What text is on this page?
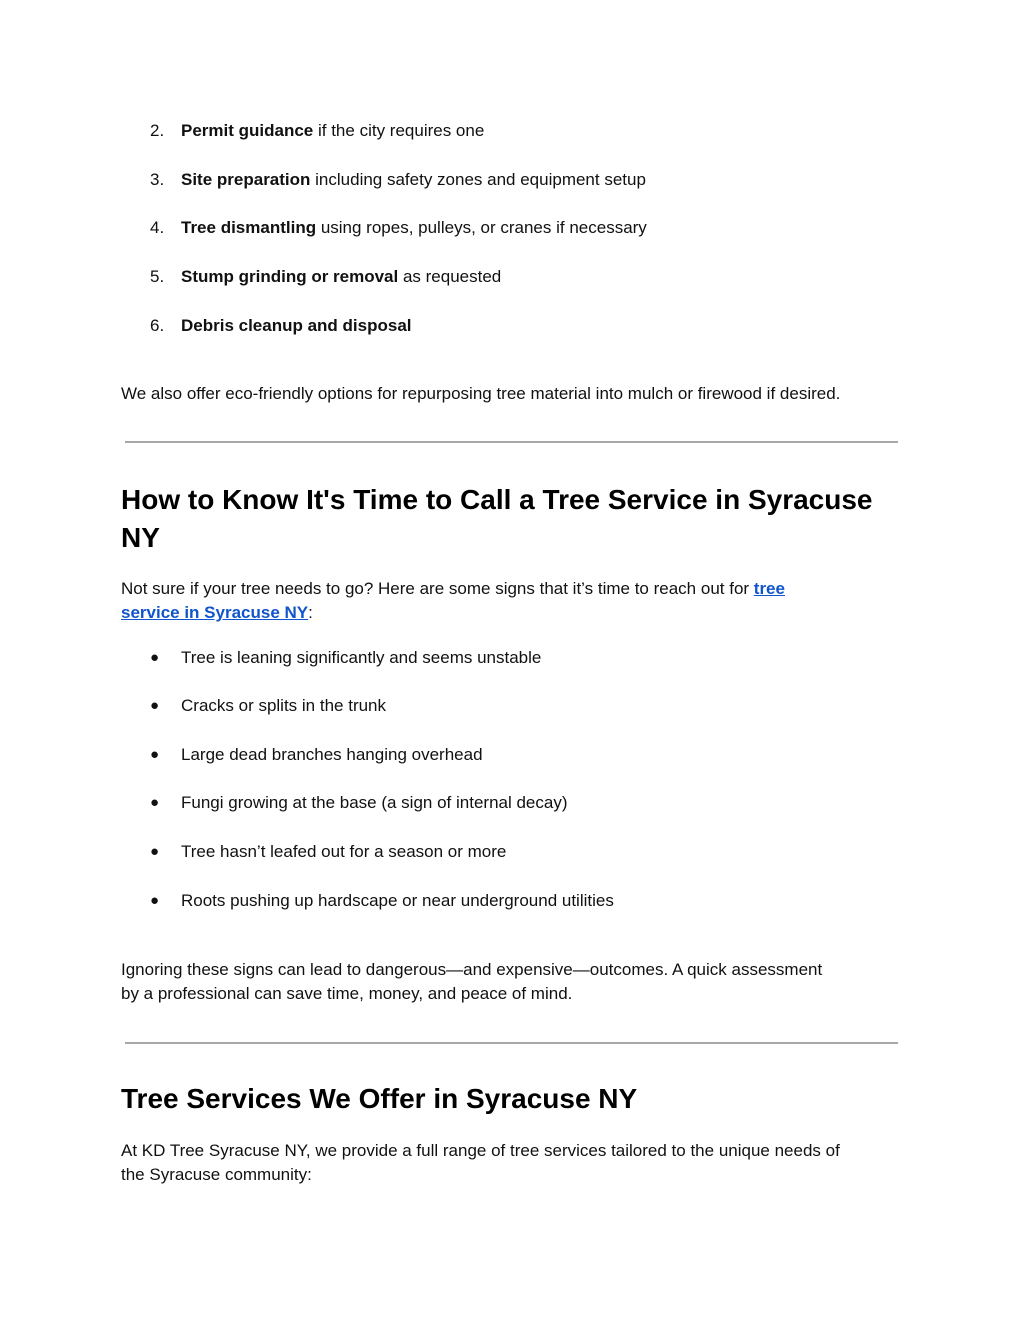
2. Permit guidance if the city requires one
3. Site preparation including safety zones and equipment setup
4. Tree dismantling using ropes, pulleys, or cranes if necessary
5. Stump grinding or removal as requested
6. Debris cleanup and disposal
We also offer eco-friendly options for repurposing tree material into mulch or firewood if desired.
How to Know It's Time to Call a Tree Service in Syracuse
NY
Not sure if your tree needs to go? Here are some signs that it’s time to reach out for tree
service in Syracuse NY:
● Tree is leaning significantly and seems unstable
● Cracks or splits in the trunk
● Large dead branches hanging overhead
● Fungi growing at the base (a sign of internal decay)
● Tree hasn’t leafed out for a season or more
● Roots pushing up hardscape or near underground utilities
Ignoring these signs can lead to dangerous—and expensive—outcomes. A quick assessment
by a professional can save time, money, and peace of mind.
Tree Services We Offer in Syracuse NY
At KD Tree Syracuse NY, we provide a full range of tree services tailored to the unique needs of
the Syracuse community:
